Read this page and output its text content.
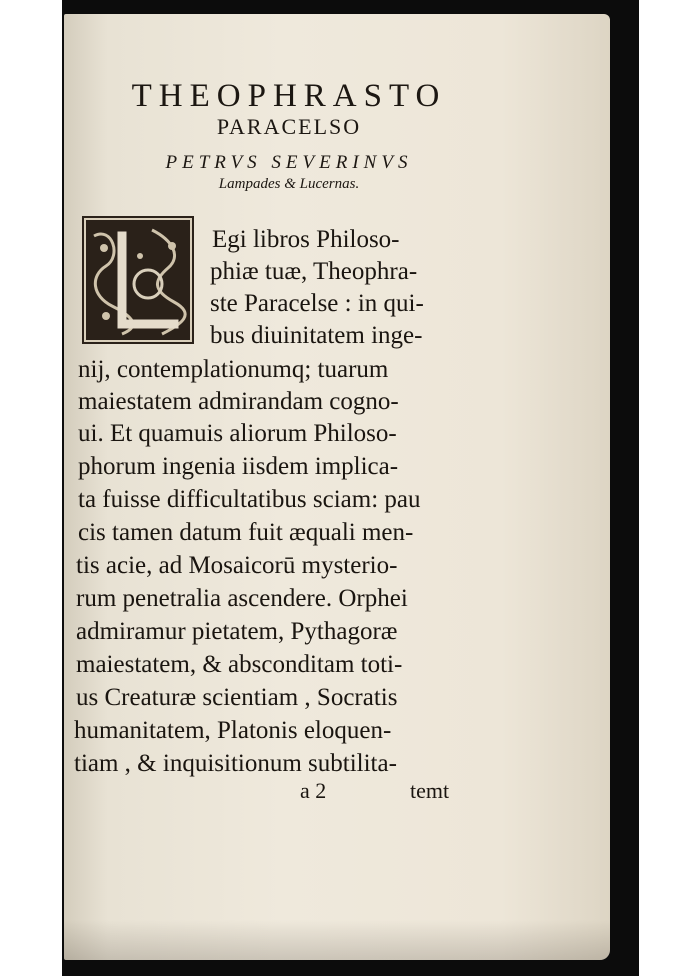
THEOPHRASTO
PARACELSO
PETRVS SEVERINVS
Lampades & Lucernas.
L
Egi libros Philoso-
phiæ tuæ, Theophra-
ste Paracelse : in qui-
bus diuinitatem inge-
nij, contemplationumq; tuarum
maiestatem admirandam cogno-
ui. Et quamuis aliorum Philoso-
phorum ingenia iisdem implica-
ta fuisse difficultatibus sciam: pau
cis tamen datum fuit æquali men-
tis acie, ad Mosaicorū mysterio-
rum penetralia ascendere. Orphei
admiramur pietatem, Pythagoræ
maiestatem, & absconditam toti-
us Creaturæ scientiam , Socratis
humanitatem, Platonis eloquen-
tiam , & inquisitionum subtilita-
a 2	temt
